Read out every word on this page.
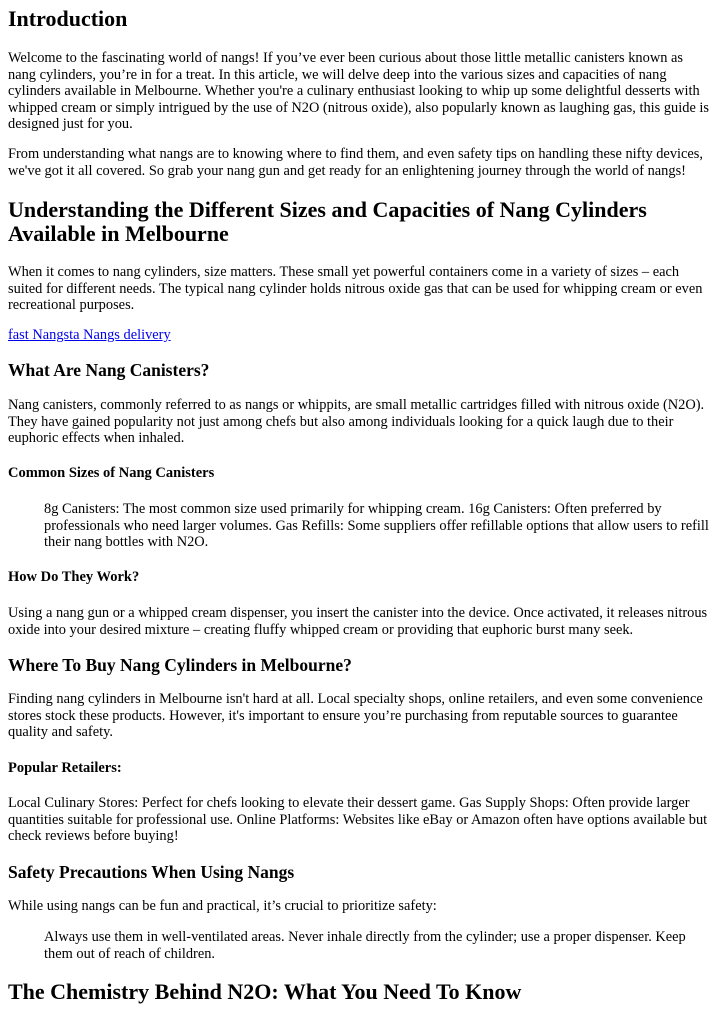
Introduction

Welcome to the fascinating world of nangs! If you’ve ever been curious about those little metallic canisters known as nang cylinders, you’re in for a treat. In this article, we will delve deep into the various sizes and capacities of nang cylinders available in Melbourne. Whether you're a culinary enthusiast looking to whip up some delightful desserts with whipped cream or simply intrigued by the use of N2O (nitrous oxide), also popularly known as laughing gas, this guide is designed just for you.

From understanding what nangs are to knowing where to find them, and even safety tips on handling these nifty devices, we've got it all covered. So grab your nang gun and get ready for an enlightening journey through the world of nangs!

Understanding the Different Sizes and Capacities of Nang Cylinders Available in Melbourne

When it comes to nang cylinders, size matters. These small yet powerful containers come in a variety of sizes – each suited for different needs. The typical nang cylinder holds nitrous oxide gas that can be used for whipping cream or even recreational purposes.

fast Nangsta Nangs delivery

What Are Nang Canisters?

Nang canisters, commonly referred to as nangs or whippits, are small metallic cartridges filled with nitrous oxide (N2O). They have gained popularity not just among chefs but also among individuals looking for a quick laugh due to their euphoric effects when inhaled.

Common Sizes of Nang Canisters
8g Canisters: The most common size used primarily for whipping cream. 16g Canisters: Often preferred by professionals who need larger volumes. Gas Refills: Some suppliers offer refillable options that allow users to refill their nang bottles with N2O.
How Do They Work?

Using a nang gun or a whipped cream dispenser, you insert the canister into the device. Once activated, it releases nitrous oxide into your desired mixture – creating fluffy whipped cream or providing that euphoric burst many seek.

Where To Buy Nang Cylinders in Melbourne?

Finding nang cylinders in Melbourne isn't hard at all. Local specialty shops, online retailers, and even some convenience stores stock these products. However, it's important to ensure you’re purchasing from reputable sources to guarantee quality and safety.

Popular Retailers:

Local Culinary Stores: Perfect for chefs looking to elevate their dessert game. Gas Supply Shops: Often provide larger quantities suitable for professional use. Online Platforms: Websites like eBay or Amazon often have options available but check reviews before buying!

Safety Precautions When Using Nangs

While using nangs can be fun and practical, it’s crucial to prioritize safety:

Always use them in well-ventilated areas. Never inhale directly from the cylinder; use a proper dispenser. Keep them out of reach of children.
The Chemistry Behind N2O: What You Need To Know
